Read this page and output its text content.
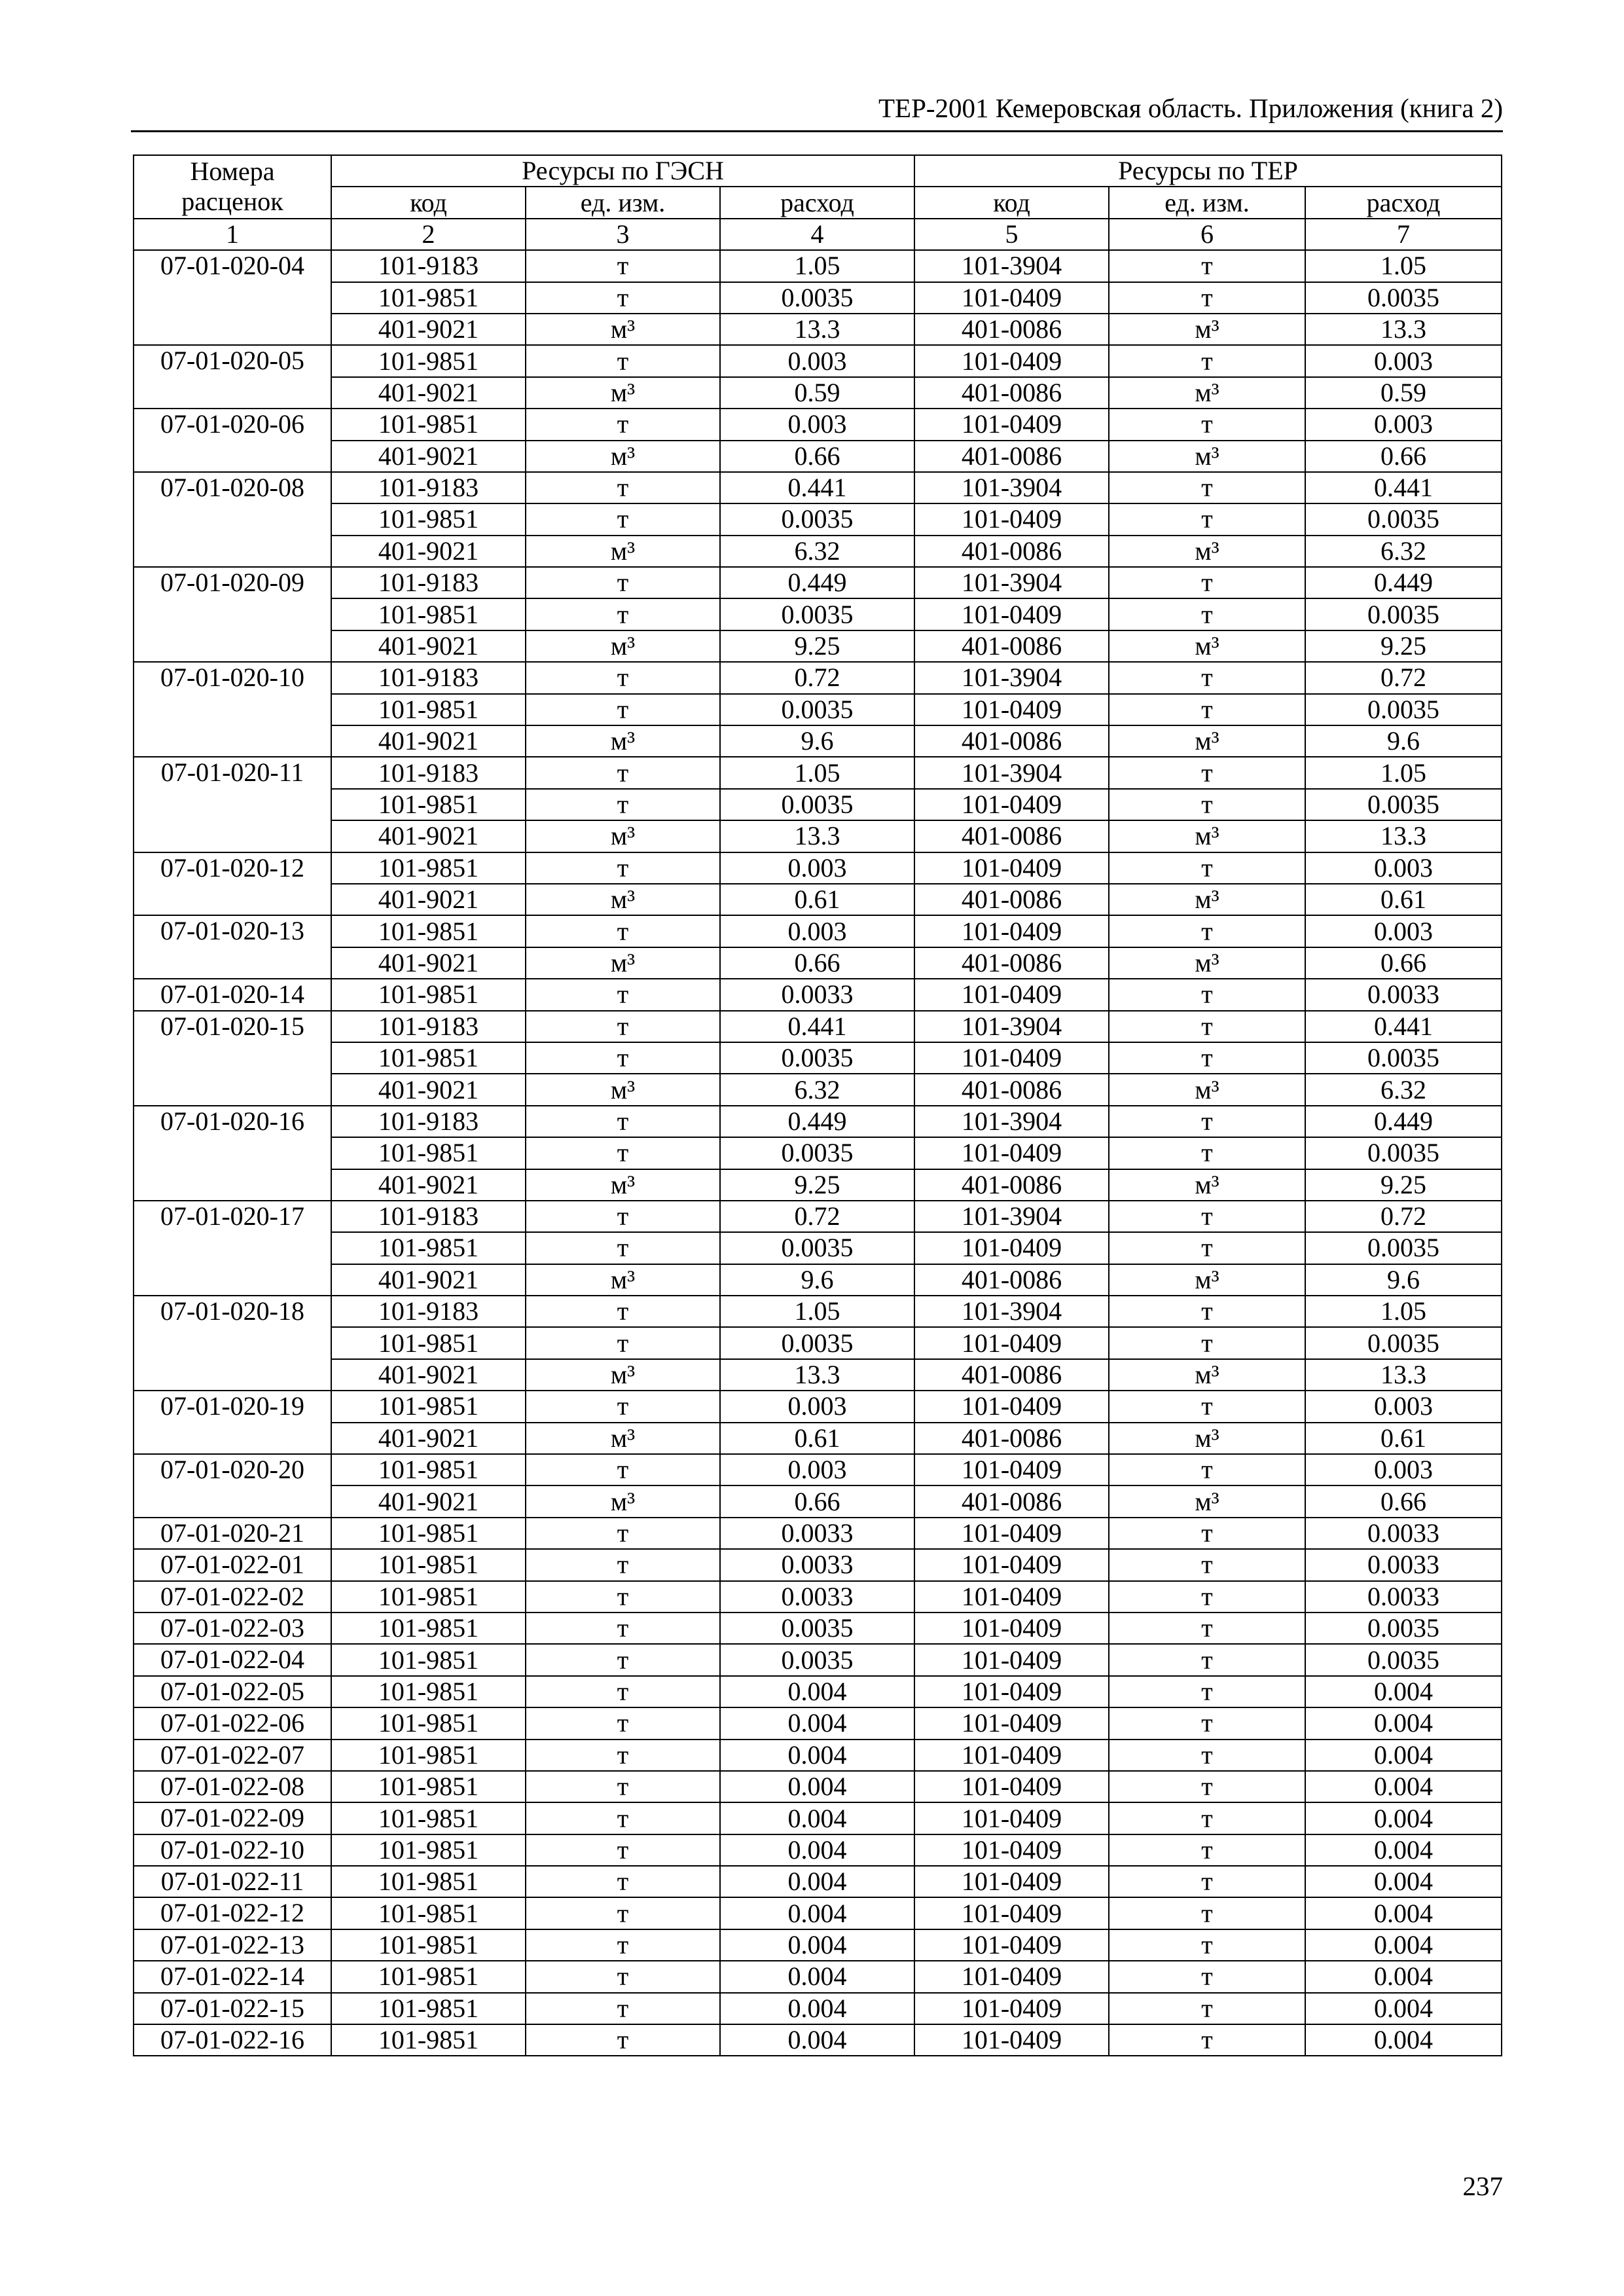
ТЕР-2001 Кемеровская область. Приложения (книга 2)
Номера расценок	Ресурсы по ГЭСН			Ресурсы по ТЕР		
	код	ед. изм.	расход	код	ед. изм.	расход
1	2	3	4	5	6	7
07-01-020-04	101-9183	т	1.05	101-3904	т	1.05
	101-9851	т	0.0035	101-0409	т	0.0035
	401-9021	м³	13.3	401-0086	м³	13.3
07-01-020-05	101-9851	т	0.003	101-0409	т	0.003
	401-9021	м³	0.59	401-0086	м³	0.59
07-01-020-06	101-9851	т	0.003	101-0409	т	0.003
	401-9021	м³	0.66	401-0086	м³	0.66
07-01-020-08	101-9183	т	0.441	101-3904	т	0.441
	101-9851	т	0.0035	101-0409	т	0.0035
	401-9021	м³	6.32	401-0086	м³	6.32
07-01-020-09	101-9183	т	0.449	101-3904	т	0.449
	101-9851	т	0.0035	101-0409	т	0.0035
	401-9021	м³	9.25	401-0086	м³	9.25
07-01-020-10	101-9183	т	0.72	101-3904	т	0.72
	101-9851	т	0.0035	101-0409	т	0.0035
	401-9021	м³	9.6	401-0086	м³	9.6
07-01-020-11	101-9183	т	1.05	101-3904	т	1.05
	101-9851	т	0.0035	101-0409	т	0.0035
	401-9021	м³	13.3	401-0086	м³	13.3
07-01-020-12	101-9851	т	0.003	101-0409	т	0.003
	401-9021	м³	0.61	401-0086	м³	0.61
07-01-020-13	101-9851	т	0.003	101-0409	т	0.003
	401-9021	м³	0.66	401-0086	м³	0.66
07-01-020-14	101-9851	т	0.0033	101-0409	т	0.0033
07-01-020-15	101-9183	т	0.441	101-3904	т	0.441
	101-9851	т	0.0035	101-0409	т	0.0035
	401-9021	м³	6.32	401-0086	м³	6.32
07-01-020-16	101-9183	т	0.449	101-3904	т	0.449
	101-9851	т	0.0035	101-0409	т	0.0035
	401-9021	м³	9.25	401-0086	м³	9.25
07-01-020-17	101-9183	т	0.72	101-3904	т	0.72
	101-9851	т	0.0035	101-0409	т	0.0035
	401-9021	м³	9.6	401-0086	м³	9.6
07-01-020-18	101-9183	т	1.05	101-3904	т	1.05
	101-9851	т	0.0035	101-0409	т	0.0035
	401-9021	м³	13.3	401-0086	м³	13.3
07-01-020-19	101-9851	т	0.003	101-0409	т	0.003
	401-9021	м³	0.61	401-0086	м³	0.61
07-01-020-20	101-9851	т	0.003	101-0409	т	0.003
	401-9021	м³	0.66	401-0086	м³	0.66
07-01-020-21	101-9851	т	0.0033	101-0409	т	0.0033
07-01-022-01	101-9851	т	0.0033	101-0409	т	0.0033
07-01-022-02	101-9851	т	0.0033	101-0409	т	0.0033
07-01-022-03	101-9851	т	0.0035	101-0409	т	0.0035
07-01-022-04	101-9851	т	0.0035	101-0409	т	0.0035
07-01-022-05	101-9851	т	0.004	101-0409	т	0.004
07-01-022-06	101-9851	т	0.004	101-0409	т	0.004
07-01-022-07	101-9851	т	0.004	101-0409	т	0.004
07-01-022-08	101-9851	т	0.004	101-0409	т	0.004
07-01-022-09	101-9851	т	0.004	101-0409	т	0.004
07-01-022-10	101-9851	т	0.004	101-0409	т	0.004
07-01-022-11	101-9851	т	0.004	101-0409	т	0.004
07-01-022-12	101-9851	т	0.004	101-0409	т	0.004
07-01-022-13	101-9851	т	0.004	101-0409	т	0.004
07-01-022-14	101-9851	т	0.004	101-0409	т	0.004
07-01-022-15	101-9851	т	0.004	101-0409	т	0.004
07-01-022-16	101-9851	т	0.004	101-0409	т	0.004
237
